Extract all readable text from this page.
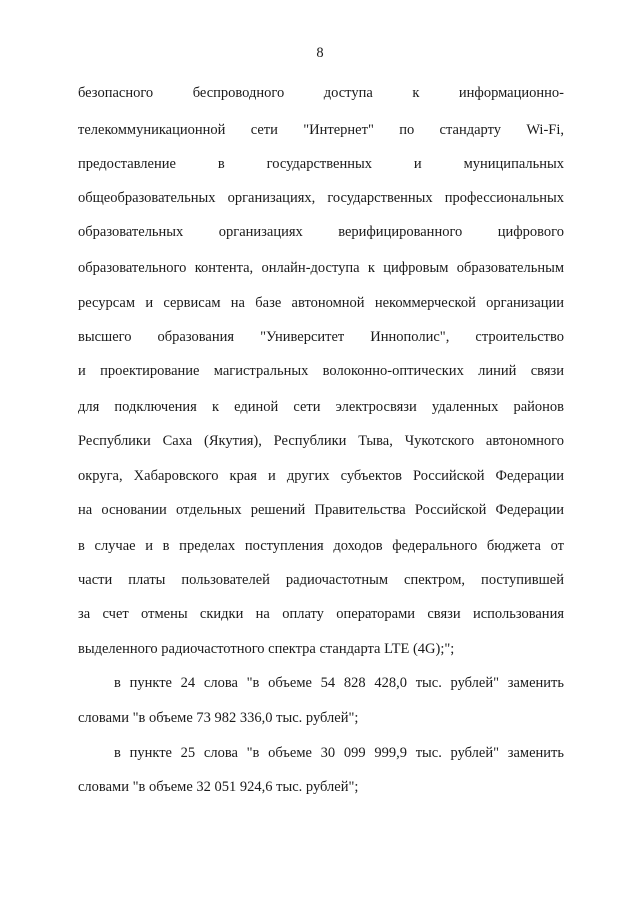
8
безопасного беспроводного доступа к информационно-
телекоммуникационной сети "Интернет" по стандарту Wi-Fi,
предоставление в государственных и муниципальных
общеобразовательных организациях, государственных профессиональных
образовательных организациях верифицированного цифрового
образовательного контента, онлайн-доступа к цифровым образовательным
ресурсам и сервисам на базе автономной некоммерческой организации
высшего образования "Университет Иннополис", строительство
и проектирование магистральных волоконно-оптических линий связи
для подключения к единой сети электросвязи удаленных районов
Республики Саха (Якутия), Республики Тыва, Чукотского автономного
округа, Хабаровского края и других субъектов Российской Федерации
на основании отдельных решений Правительства Российской Федерации
в случае и в пределах поступления доходов федерального бюджета от
части платы пользователей радиочастотным спектром, поступившей
за счет отмены скидки на оплату операторами связи использования
выделенного радиочастотного спектра стандарта LTE (4G);";
в пункте 24 слова "в объеме 54 828 428,0 тыс. рублей" заменить
словами "в объеме 73 982 336,0 тыс. рублей";
в пункте 25 слова "в объеме 30 099 999,9 тыс. рублей" заменить
словами "в объеме 32 051 924,6 тыс. рублей";
